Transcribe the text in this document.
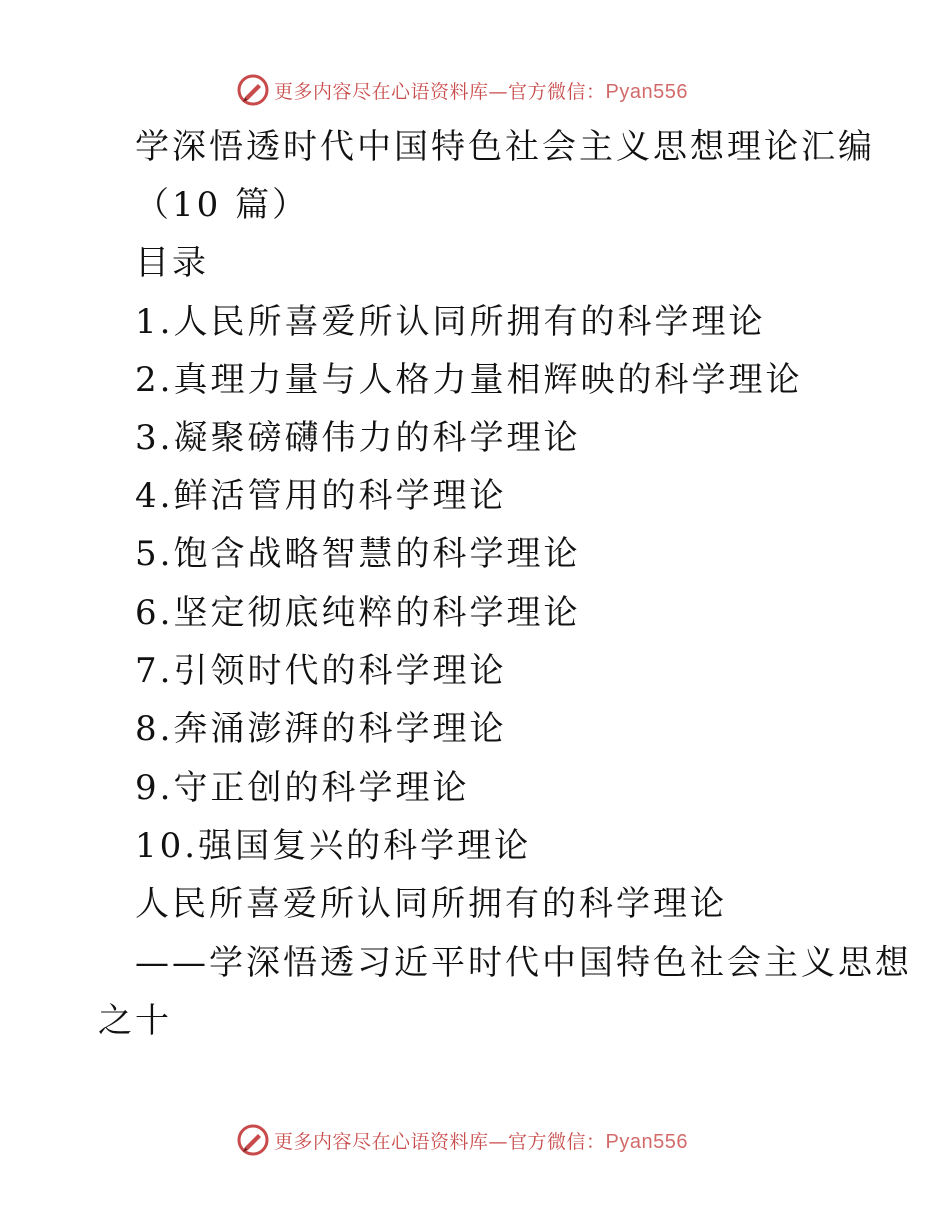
更多内容尽在心语资料库—官方微信：Pyan556
学深悟透时代中国特色社会主义思想理论汇编
（10 篇）
目录
1.人民所喜爱所认同所拥有的科学理论
2.真理力量与人格力量相辉映的科学理论
3.凝聚磅礴伟力的科学理论
4.鲜活管用的科学理论
5.饱含战略智慧的科学理论
6.坚定彻底纯粹的科学理论
7.引领时代的科学理论
8.奔涌澎湃的科学理论
9.守正创的科学理论
10.强国复兴的科学理论
人民所喜爱所认同所拥有的科学理论
——学深悟透习近平时代中国特色社会主义思想
之十
更多内容尽在心语资料库—官方微信：Pyan556
